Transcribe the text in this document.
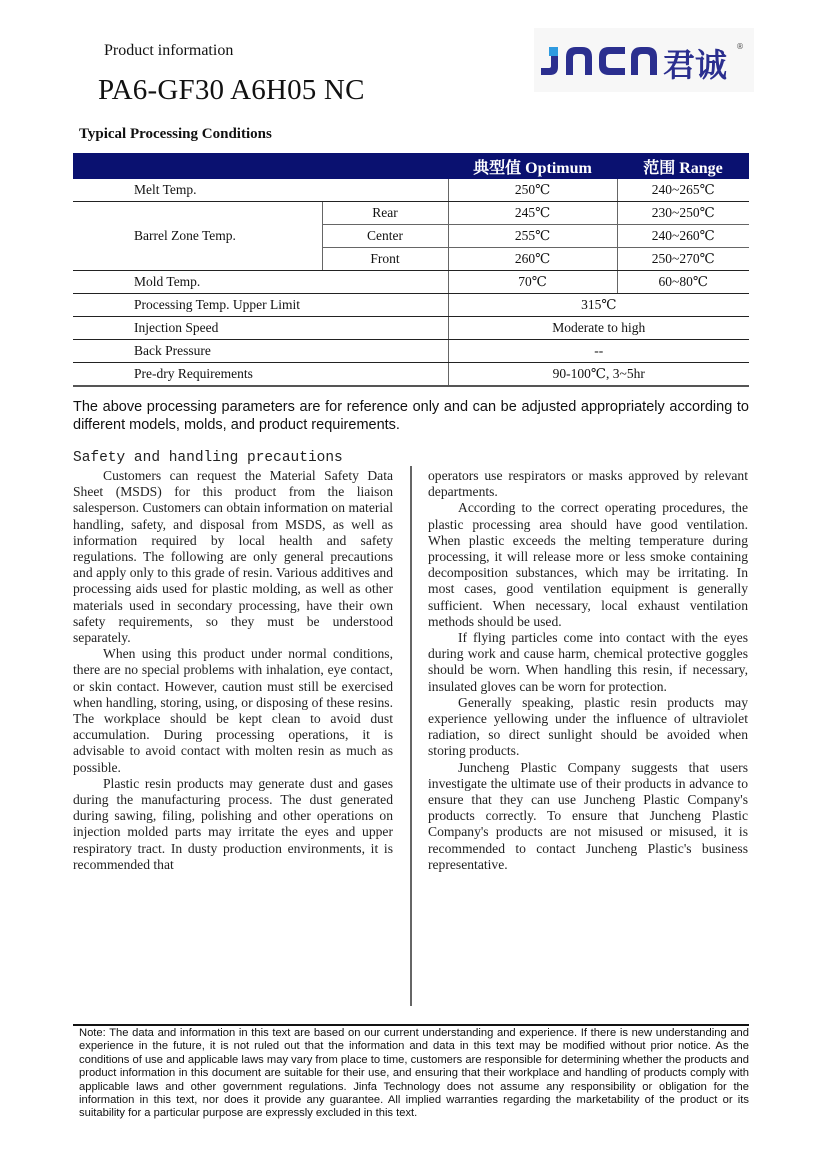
Product information
PA6-GF30 A6H05 NC
君诚 ®
Typical Processing Conditions
		典型值 Optimum	范围 Range
Melt Temp.		250℃	240~265℃
Barrel Zone Temp.	Rear	245℃	230~250℃
	Center	255℃	240~260℃
	Front	260℃	250~270℃
Mold Temp.		70℃	60~80℃
Processing Temp. Upper Limit		315℃	
Injection Speed		Moderate to high	
Back Pressure		--	
Pre-dry Requirements		90-100℃, 3~5hr	
The above processing parameters are for reference only and can be adjusted appropriately according to different models, molds, and product requirements.
Safety and handling precautions

Customers can request the Material Safety Data Sheet (MSDS) for this product from the liaison salesperson. Customers can obtain information on material handling, safety, and disposal from MSDS, as well as information required by local health and safety regulations. The following are only general precautions and apply only to this grade of resin. Various additives and processing aids used for plastic molding, as well as other materials used in secondary processing, have their own safety requirements, so they must be understood separately.

When using this product under normal conditions, there are no special problems with inhalation, eye contact, or skin contact. However, caution must still be exercised when handling, storing, using, or disposing of these resins. The workplace should be kept clean to avoid dust accumulation. During processing operations, it is advisable to avoid contact with molten resin as much as possible.

Plastic resin products may generate dust and gases during the manufacturing process. The dust generated during sawing, filing, polishing and other operations on injection molded parts may irritate the eyes and upper respiratory tract. In dusty production environments, it is recommended that

operators use respirators or masks approved by relevant departments.

According to the correct operating procedures, the plastic processing area should have good ventilation. When plastic exceeds the melting temperature during processing, it will release more or less smoke containing decomposition substances, which may be irritating. In most cases, good ventilation equipment is generally sufficient. When necessary, local exhaust ventilation methods should be used.

If flying particles come into contact with the eyes during work and cause harm, chemical protective goggles should be worn. When handling this resin, if necessary, insulated gloves can be worn for protection.

Generally speaking, plastic resin products may experience yellowing under the influence of ultraviolet radiation, so direct sunlight should be avoided when storing products.

Juncheng Plastic Company suggests that users investigate the ultimate use of their products in advance to ensure that they can use Juncheng Plastic Company's products correctly. To ensure that Juncheng Plastic Company's products are not misused or misused, it is recommended to contact Juncheng Plastic's business representative.

Note: The data and information in this text are based on our current understanding and experience. If there is new understanding and experience in the future, it is not ruled out that the information and data in this text may be modified without prior notice. As the conditions of use and applicable laws may vary from place to time, customers are responsible for determining whether the products and product information in this document are suitable for their use, and ensuring that their workplace and handling of products comply with applicable laws and other government regulations. Jinfa Technology does not assume any responsibility or obligation for the information in this text, nor does it provide any guarantee. All implied warranties regarding the marketability of the product or its suitability for a particular purpose are expressly excluded in this text.
